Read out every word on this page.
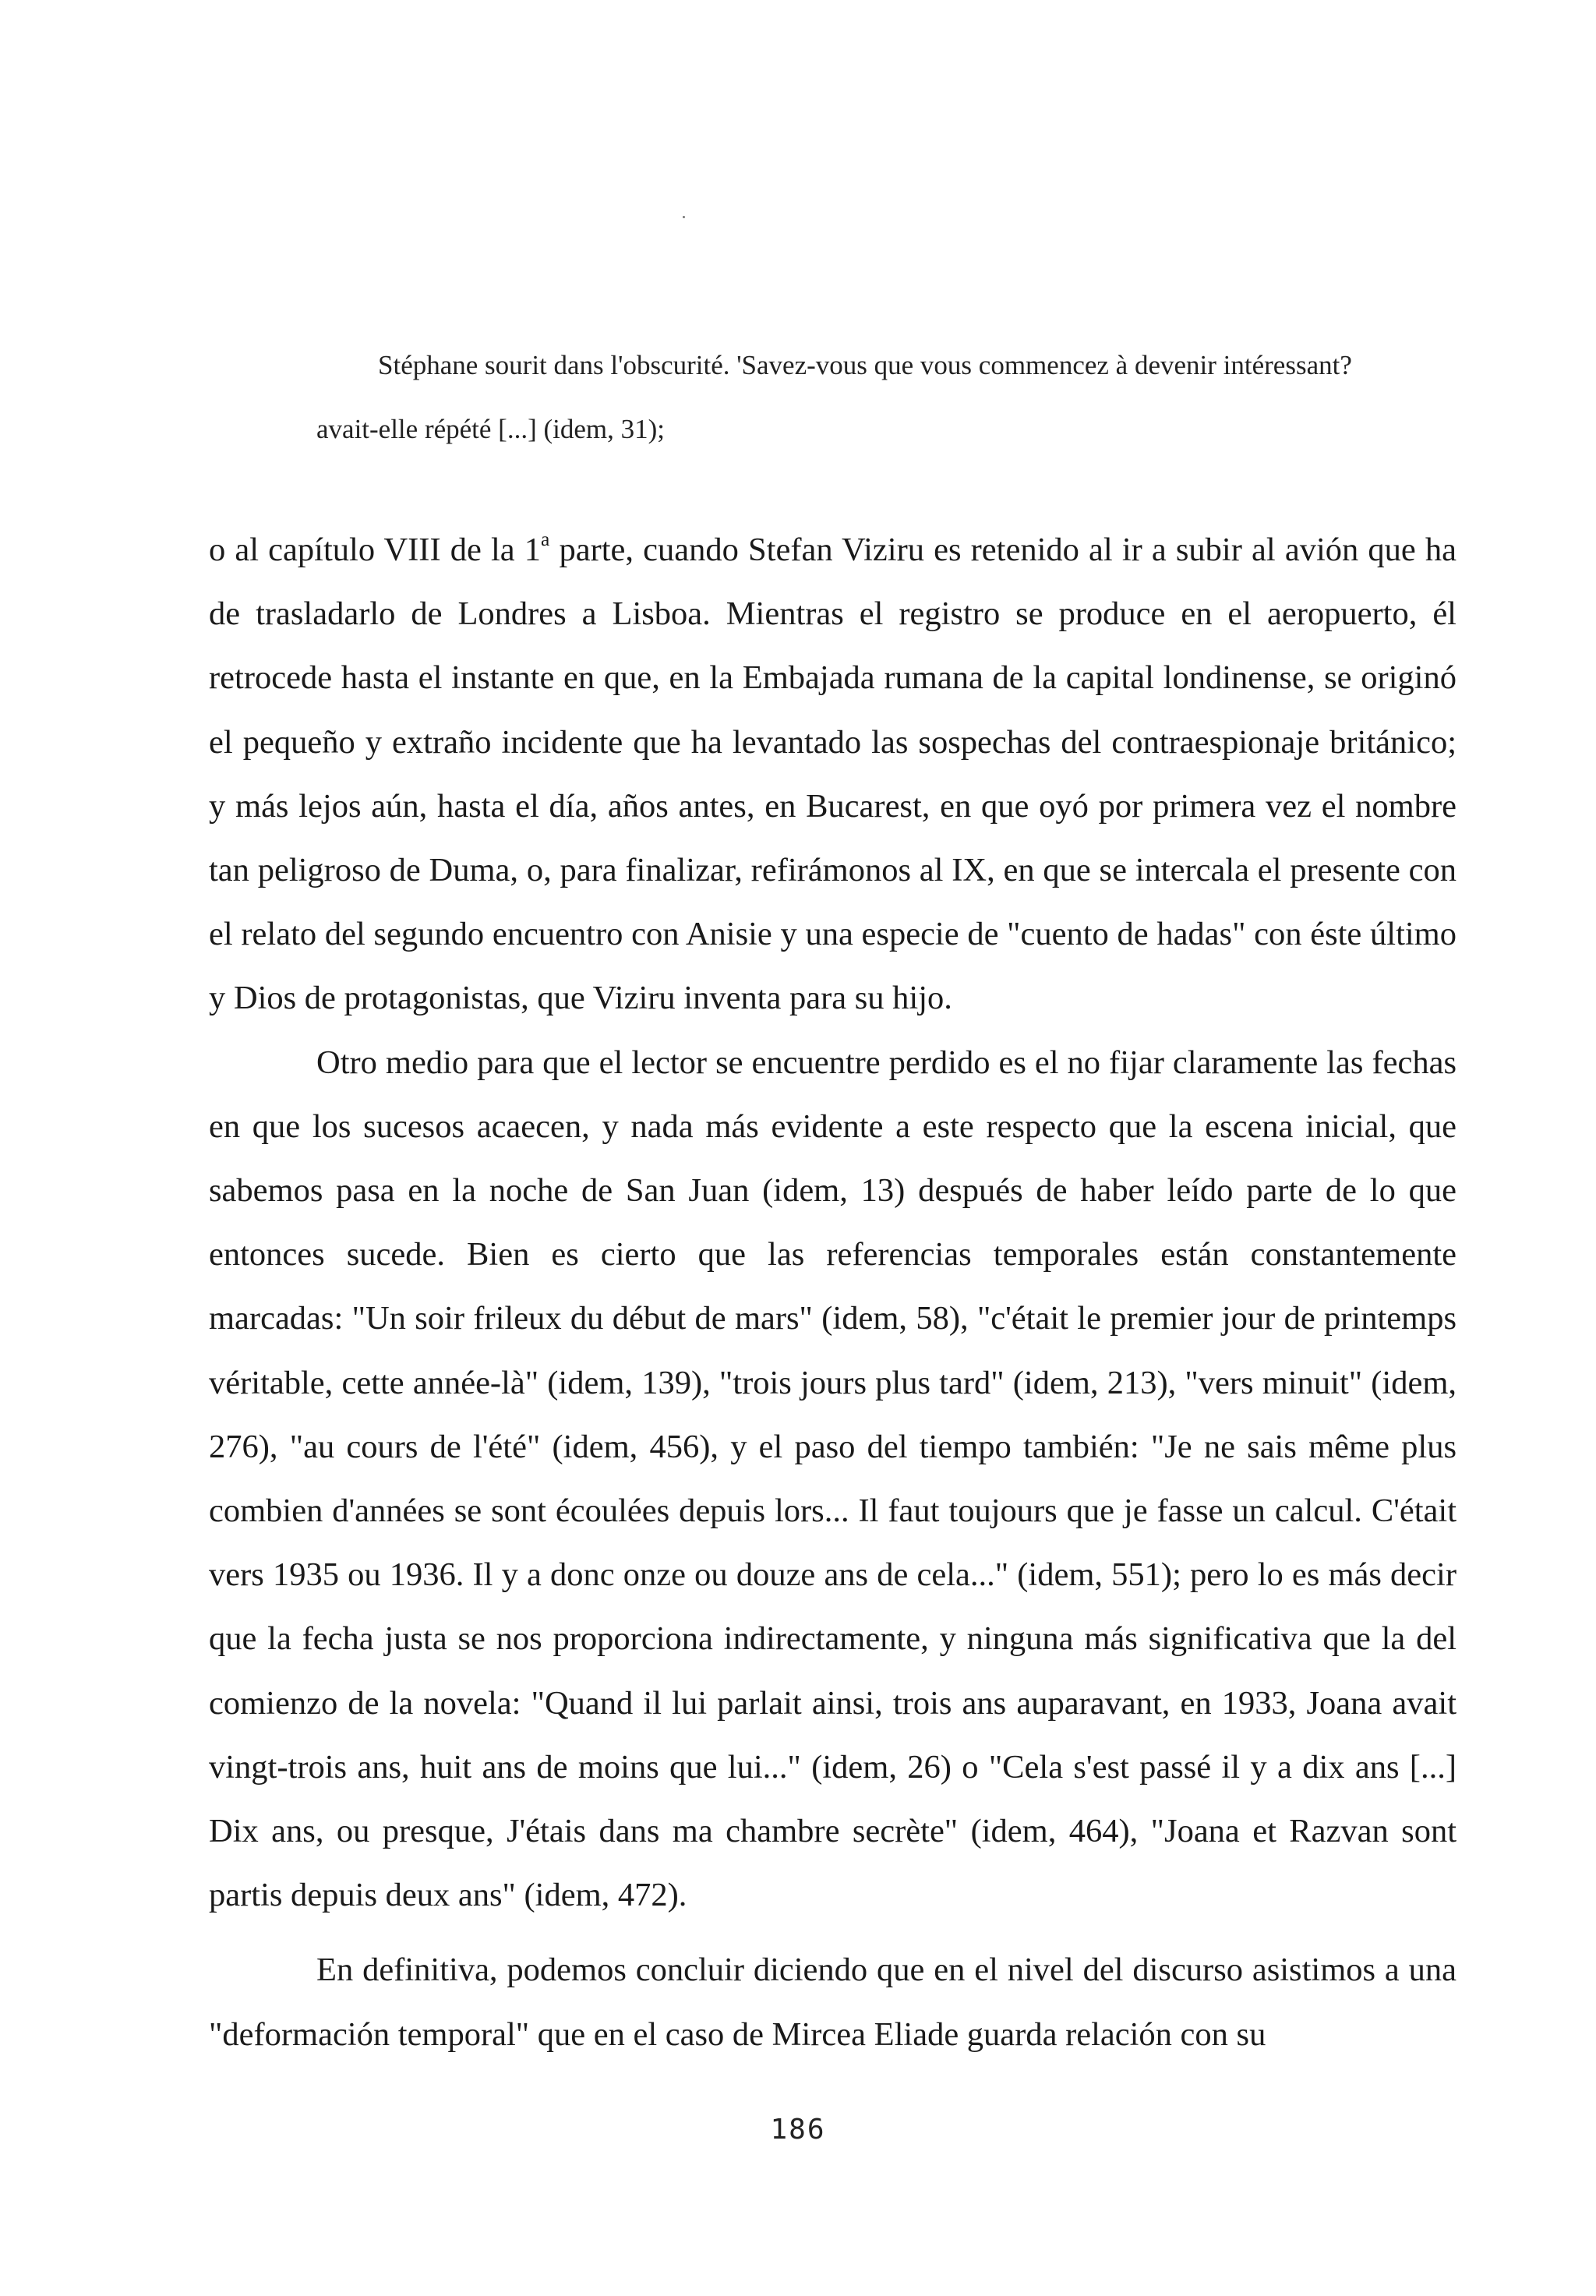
Stéphane sourit dans l'obscurité. 'Savez-vous que vous commencez à devenir intéressant?
avait-elle répété [...] (idem, 31);

o al capítulo VIII de la 1$^a$ parte, cuando Stefan Viziru es retenido al ir a subir al avión que ha de trasladarlo de Londres a Lisboa. Mientras el registro se produce en el aeropuerto, él retrocede hasta el instante en que, en la Embajada rumana de la capital londinense, se originó el pequeño y extraño incidente que ha levantado las sospechas del contraespionaje británico; y más lejos aún, hasta el día, años antes, en Bucarest, en que oyó por primera vez el nombre tan peligroso de Duma, o, para finalizar, refirámonos al IX, en que se intercala el presente con el relato del segundo encuentro con Anisie y una especie de "cuento de hadas" con éste último y Dios de protagonistas, que Viziru inventa para su hijo.

Otro medio para que el lector se encuentre perdido es el no fijar claramente las fechas en que los sucesos acaecen, y nada más evidente a este respecto que la escena inicial, que sabemos pasa en la noche de San Juan (idem, 13) después de haber leído parte de lo que entonces sucede. Bien es cierto que las referencias temporales están constantemente marcadas: "Un soir frileux du début de mars" (idem, 58), "c'était le premier jour de printemps véritable, cette année-là" (idem, 139), "trois jours plus tard" (idem, 213), "vers minuit" (idem, 276), "au cours de l'été" (idem, 456), y el paso del tiempo también: "Je ne sais même plus combien d'années se sont écoulées depuis lors... Il faut toujours que je fasse un calcul. C'était vers 1935 ou 1936. Il y a donc onze ou douze ans de cela..." (idem, 551); pero lo es más decir que la fecha justa se nos proporciona indirectamente, y ninguna más significativa que la del comienzo de la novela: "Quand il lui parlait ainsi, trois ans auparavant, en 1933, Joana avait vingt-trois ans, huit ans de moins que lui..." (idem, 26) o "Cela s'est passé il y a dix ans [...] Dix ans, ou presque, J'étais dans ma chambre secrète" (idem, 464), "Joana et Razvan sont partis depuis deux ans" (idem, 472).

En definitiva, podemos concluir diciendo que en el nivel del discurso asistimos a una "deformación temporal" que en el caso de Mircea Eliade guarda relación con su

186
